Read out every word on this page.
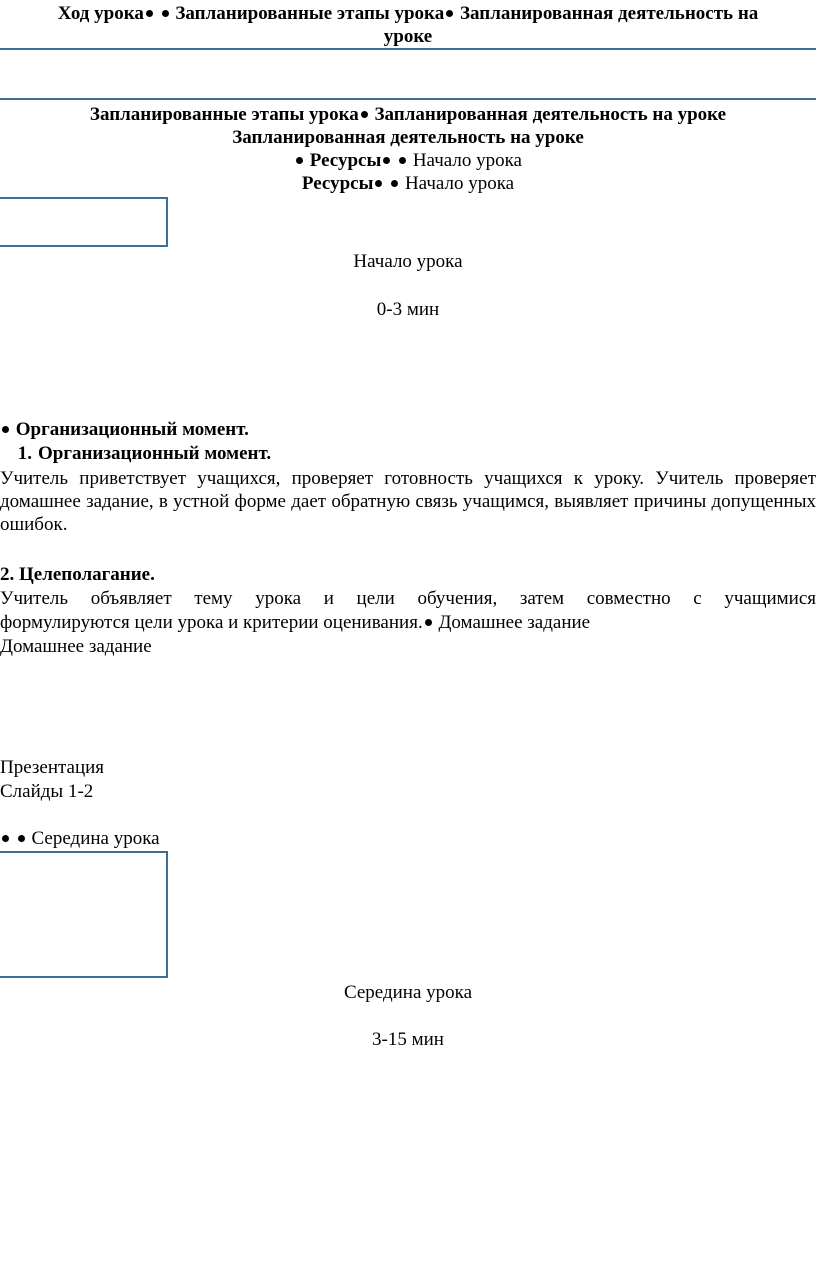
Ход урока Запланированные этапы урока Запланированная деятельность на
уроке
Запланированные этапы урока Запланированная деятельность на уроке
Запланированная деятельность на уроке
Ресурсы Начало урока
Ресурсы Начало урока
Начало урока
0-3 мин
Организационный момент.
1. Организационный момент.
Учитель приветствует учащихся, проверяет готовность учащихся к уроку. Учитель проверяет домашнее задание, в устной форме дает обратную связь учащимся, выявляет причины допущенных ошибок.
2. Целеполагание.
Учитель объявляет тему урока и цели обучения, затем совместно с учащимися
формулируются цели урока и критерии оценивания. Домашнее задание
Домашнее задание
Презентация
Слайды 1-2
Середина урока
Середина урока
3-15 мин
